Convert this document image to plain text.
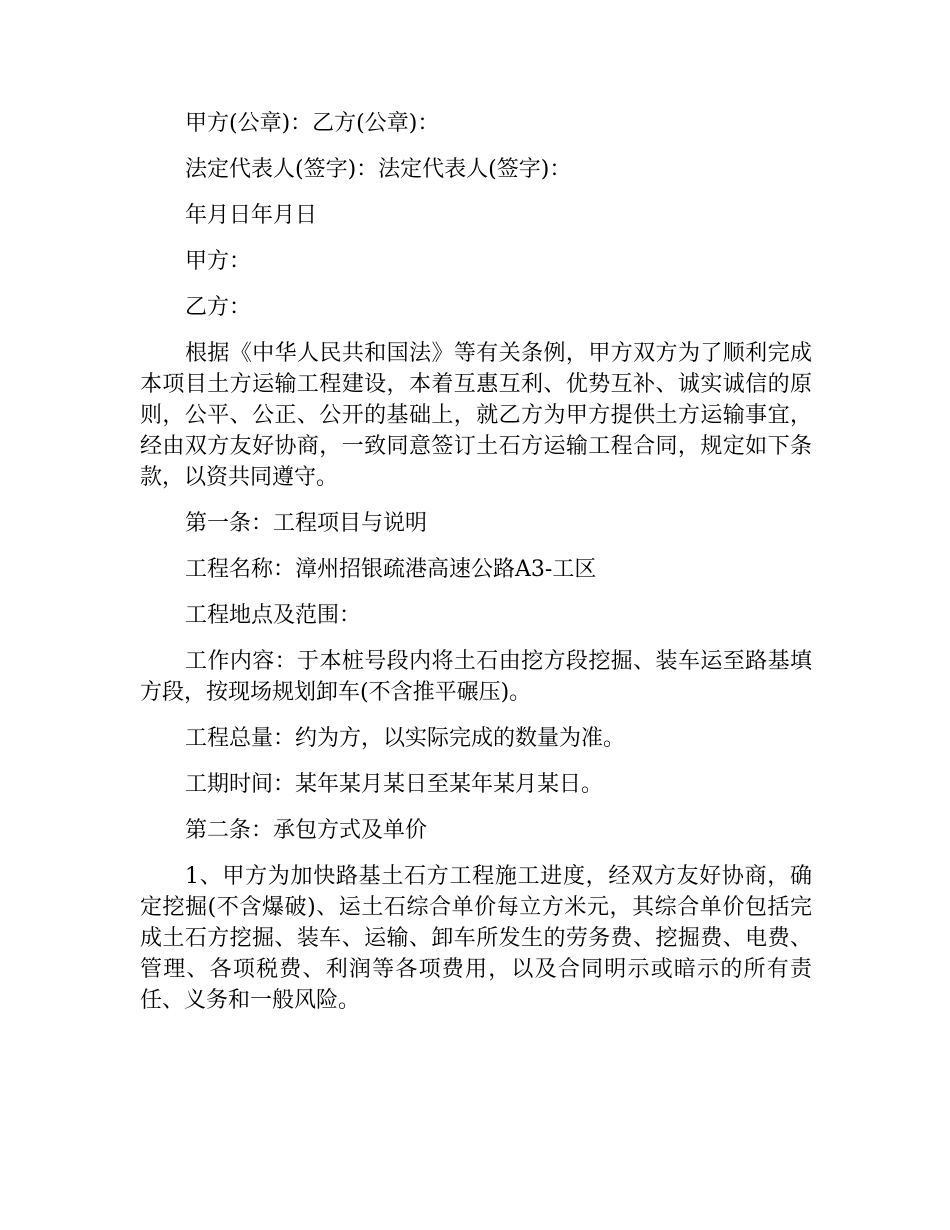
甲方(公章)：乙方(公章)：

法定代表人(签字)：法定代表人(签字)：

年月日年月日

甲方：

乙方：

根据《中华人民共和国法》等有关条例，甲方双方为了顺利完成本项目土方运输工程建设，本着互惠互利、优势互补、诚实诚信的原则，公平、公正、公开的基础上，就乙方为甲方提供土方运输事宜，经由双方友好协商，一致同意签订土石方运输工程合同，规定如下条款，以资共同遵守。

第一条：工程项目与说明

工程名称：漳州招银疏港高速公路A3-工区

工程地点及范围：

工作内容：于本桩号段内将土石由挖方段挖掘、装车运至路基填方段，按现场规划卸车(不含推平碾压)。

工程总量：约为方，以实际完成的数量为准。

工期时间：某年某月某日至某年某月某日。

第二条：承包方式及单价

1、甲方为加快路基土石方工程施工进度，经双方友好协商，确定挖掘(不含爆破)、运土石综合单价每立方米元，其综合单价包括完成土石方挖掘、装车、运输、卸车所发生的劳务费、挖掘费、电费、管理、各项税费、利润等各项费用，以及合同明示或暗示的所有责任、义务和一般风险。
